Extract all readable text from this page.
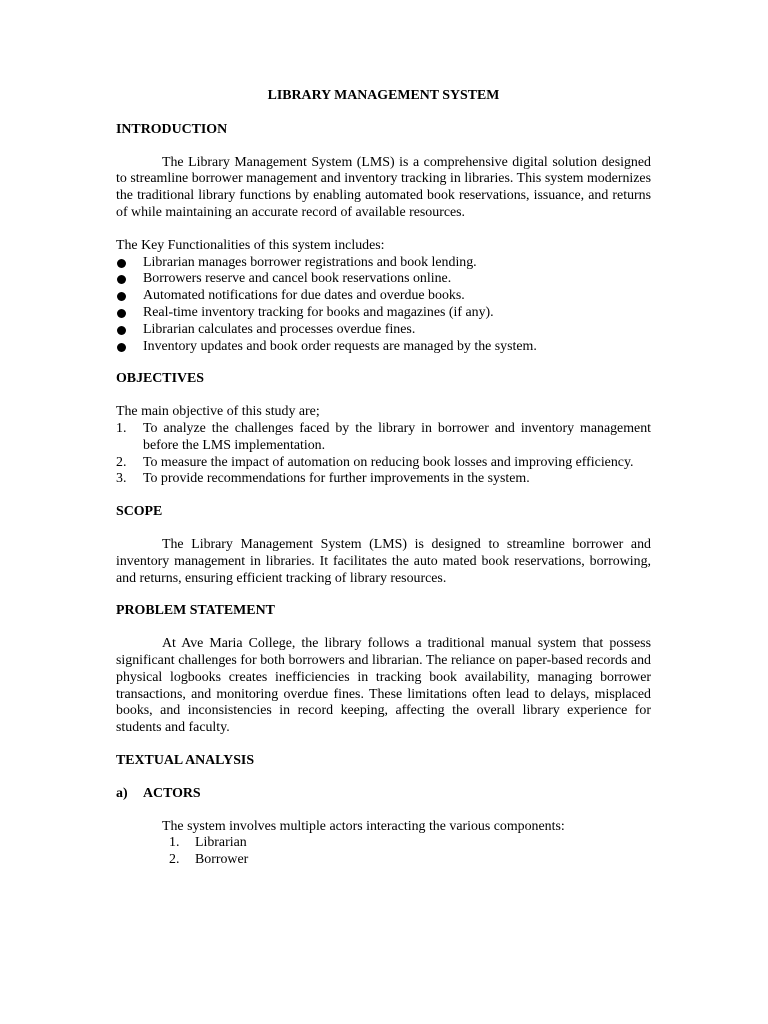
LIBRARY MANAGEMENT SYSTEM
INTRODUCTION
The Library Management System (LMS) is a comprehensive digital solution designed to streamline borrower management and inventory tracking in libraries. This system modernizes the traditional library functions by enabling automated book reservations, issuance, and returns of while maintaining an accurate record of available resources.
The Key Functionalities of this system includes:
Librarian manages borrower registrations and book lending.
Borrowers reserve and cancel book reservations online.
Automated notifications for due dates and overdue books.
Real-time inventory tracking for books and magazines (if any).
Librarian calculates and processes overdue fines.
Inventory updates and book order requests are managed by the system.
OBJECTIVES
The main objective of this study are;
1. To analyze the challenges faced by the library in borrower and inventory management before the LMS implementation.
2. To measure the impact of automation on reducing book losses and improving efficiency.
3. To provide recommendations for further improvements in the system.
SCOPE
The Library Management System (LMS) is designed to streamline borrower and inventory management in libraries. It facilitates the auto mated book reservations, borrowing, and returns, ensuring efficient tracking of library resources.
PROBLEM STATEMENT
At Ave Maria College, the library follows a traditional manual system that possess significant challenges for both borrowers and librarian. The reliance on paper-based records and physical logbooks creates inefficiencies in tracking book availability, managing borrower transactions, and monitoring overdue fines. These limitations often lead to delays, misplaced books, and inconsistencies in record keeping, affecting the overall library experience for students and faculty.
TEXTUAL ANALYSIS
a) ACTORS
The system involves multiple actors interacting the various components:
1. Librarian
2. Borrower
